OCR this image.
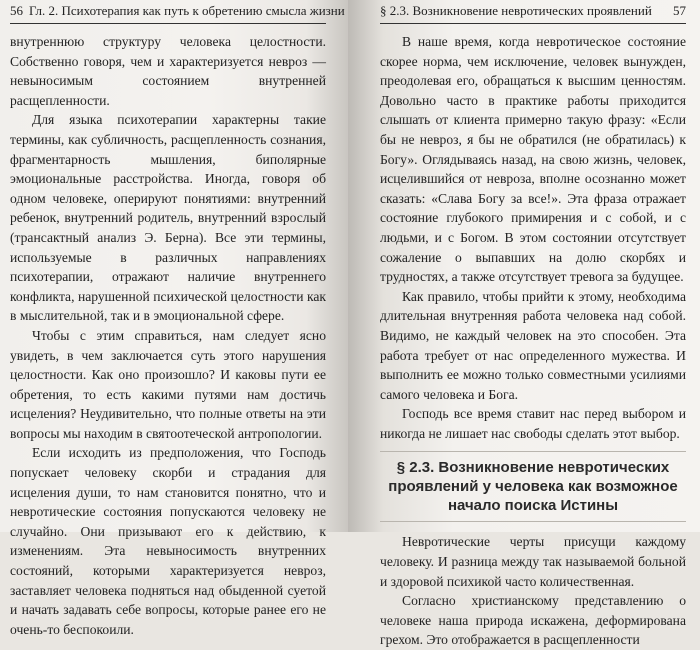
56 Гл. 2. Психотерапия как путь к обретению смысла жизни

внутреннюю структуру человека целостности. Собственно говоря, чем и характеризуется невроз — невыносимым состоянием внутренней расщепленности.

Для языка психотерапии характерны такие термины, как субличность, расщепленность сознания, фрагментарность мышления, биполярные эмоциональные расстройства. Иногда, говоря об одном человеке, оперируют понятиями: внутренний ребенок, внутренний родитель, внутренний взрослый (трансактный анализ Э. Берна). Все эти термины, используемые в различных направлениях психотерапии, отражают наличие внутреннего конфликта, нарушенной психической целостности как в мыслительной, так и в эмоциональной сфере.

Чтобы с этим справиться, нам следует ясно увидеть, в чем заключается суть этого нарушения целостности. Как оно произошло? И каковы пути ее обретения, то есть какими путями нам достичь исцеления? Неудивительно, что полные ответы на эти вопросы мы находим в святоотеческой антропологии.

Если исходить из предположения, что Господь попускает человеку скорби и страдания для исцеления души, то нам становится понятно, что и невротические состояния попускаются человеку не случайно. Они призывают его к действию, к изменениям. Эта невыносимость внутренних состояний, которыми характеризуется невроз, заставляет человека подняться над обыденной суетой и начать задавать себе вопросы, которые ранее его не очень-то беспокоили.

§ 2.3. Возникновение невротических проявлений 57

В наше время, когда невротическое состояние скорее норма, чем исключение, человек вынужден, преодолевая его, обращаться к высшим ценностям. Довольно часто в практике работы приходится слышать от клиента примерно такую фразу: «Если бы не невроз, я бы не обратился (не обратилась) к Богу». Оглядываясь назад, на свою жизнь, человек, исцелившийся от невроза, вполне осознанно может сказать: «Слава Богу за все!». Эта фраза отражает состояние глубокого примирения и с собой, и с людьми, и с Богом. В этом состоянии отсутствует сожаление о выпавших на долю скорбях и трудностях, а также отсутствует тревога за будущее.

Как правило, чтобы прийти к этому, необходима длительная внутренняя работа человека над собой. Видимо, не каждый человек на это способен. Эта работа требует от нас определенного мужества. И выполнить ее можно только совместными усилиями самого человека и Бога.

Господь все время ставит нас перед выбором и никогда не лишает нас свободы сделать этот выбор.

§ 2.3. Возникновение невротических проявлений у человека как возможное начало поиска Истины

Невротические черты присущи каждому человеку. И разница между так называемой больной и здоровой психикой часто количественная.

Согласно христианскому представлению о человеке наша природа искажена, деформирована грехом. Это отображается в расщепленности
